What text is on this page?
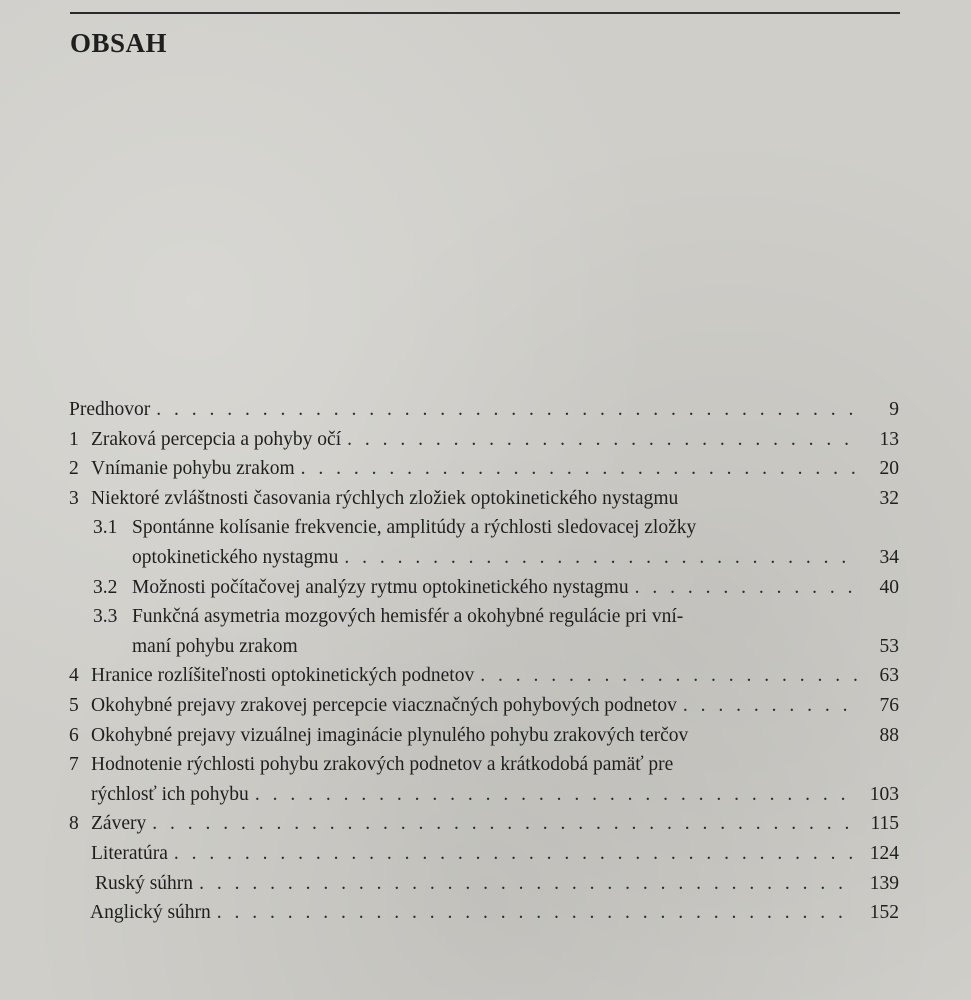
OBSAH
Predhovor . . .	9
1 Zraková percepcia a pohyby očí . . .	13
2 Vnímanie pohybu zrakom . . .	20
3 Niektoré zvláštnosti časovania rýchlych zložiek optokinetického nystagmu	32
3.1 Spontánne kolísanie frekvencie, amplitúdy a rýchlosti sledovacej zložky
optokinetického nystagmu . . .	34
3.2 Možnosti počítačovej analýzy rytmu optokinetického nystagmu . . .	40
3.3 Funkčná asymetria mozgových hemisfér a okohybné regulácie pri vní-
maní pohybu zrakom	53
4 Hranice rozlíšiteľnosti optokinetických podnetov . . .	63
5 Okohybné prejavy zrakovej percepcie viacznačných pohybových podnetov . . .	76
6 Okohybné prejavy vizuálnej imaginácie plynulého pohybu zrakových terčov	88
7 Hodnotenie rýchlosti pohybu zrakových podnetov a krátkodobá pamäť pre
rýchlosť ich pohybu . . .	103
8 Závery . . .	115
Literatúra . . .	124
Ruský súhrn . . .	139
Anglický súhrn . . .	152
